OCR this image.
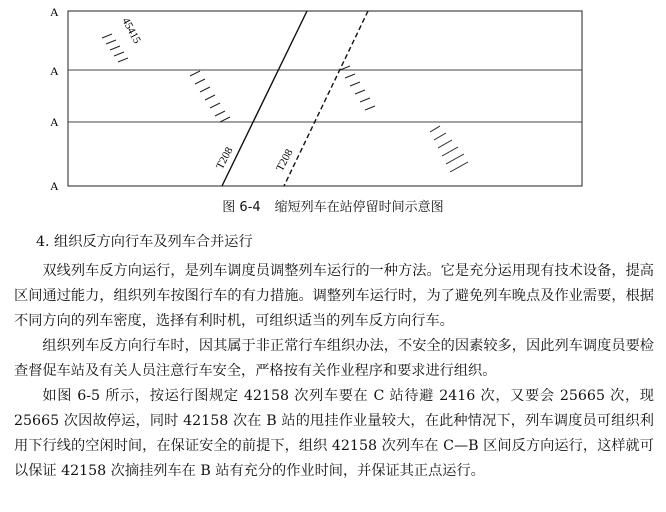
A
A
A
A
45415
T208	T208
图 6-4 缩短列车在站停留时间示意图
4. 组织反方向行车及列车合并运行

双线列车反方向运行，是列车调度员调整列车运行的一种方法。它是充分运用现有技术设备，提高区间通过能力，组织列车按图行车的有力措施。调整列车运行时，为了避免列车晚点及作业需要，根据不同方向的列车密度，选择有利时机，可组织适当的列车反方向行车。

组织列车反方向行车时，因其属于非正常行车组织办法，不安全的因素较多，因此列车调度员要检查督促车站及有关人员注意行车安全，严格按有关作业程序和要求进行组织。

如图 6-5 所示，按运行图规定 42158 次列车要在 C 站待避 2416 次，又要会 25665 次，现 25665 次因故停运，同时 42158 次在 B 站的甩挂作业量较大，在此种情况下，列车调度员可组织利用下行线的空闲时间，在保证安全的前提下，组织 42158 次列车在 C—B 区间反方向运行，这样就可以保证 42158 次摘挂列车在 B 站有充分的作业时间，并保证其正点运行。
